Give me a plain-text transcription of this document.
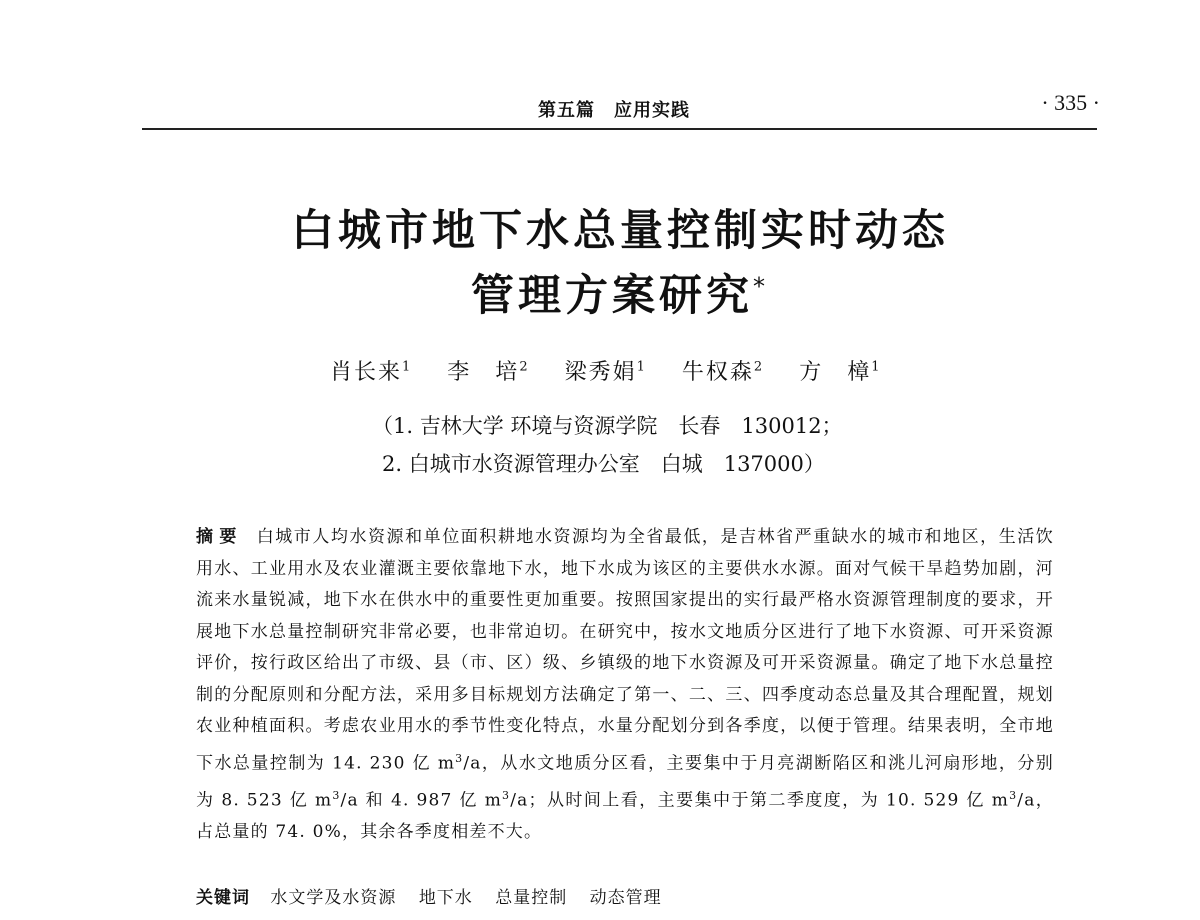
第五篇　应用实践	· 335 ·
白城市地下水总量控制实时动态
管理方案研究*
肖长来$^1$ 李　培$^2$ 梁秀娟$^1$ 牛权森$^2$ 方　樟$^1$
（1. 吉林大学 环境与资源学院　长春　130012；
2. 白城市水资源管理办公室　白城　137000）
摘要 白城市人均水资源和单位面积耕地水资源均为全省最低，是吉林省严重缺水的城市和地区，生活饮用水、工业用水及农业灌溉主要依靠地下水，地下水成为该区的主要供水水源。面对气候干旱趋势加剧，河流来水量锐减，地下水在供水中的重要性更加重要。按照国家提出的实行最严格水资源管理制度的要求，开展地下水总量控制研究非常必要，也非常迫切。在研究中，按水文地质分区进行了地下水资源、可开采资源评价，按行政区给出了市级、县（市、区）级、乡镇级的地下水资源及可开采资源量。确定了地下水总量控制的分配原则和分配方法，采用多目标规划方法确定了第一、二、三、四季度动态总量及其合理配置，规划农业种植面积。考虑农业用水的季节性变化特点，水量分配划分到各季度，以便于管理。结果表明，全市地下水总量控制为 14. 230 亿 $m^3/a$，从水文地质分区看，主要集中于月亮湖断陷区和洮儿河扇形地，分别为 8. 523 亿 $m^3/a$ 和 4. 987 亿 $m^3/a$；从时间上看，主要集中于第二季度度，为 10. 529 亿 $m^3/a$，占总量的 74. 0%，其余各季度相差不大。
关键词 水文学及水资源 地下水 总量控制 动态管理
